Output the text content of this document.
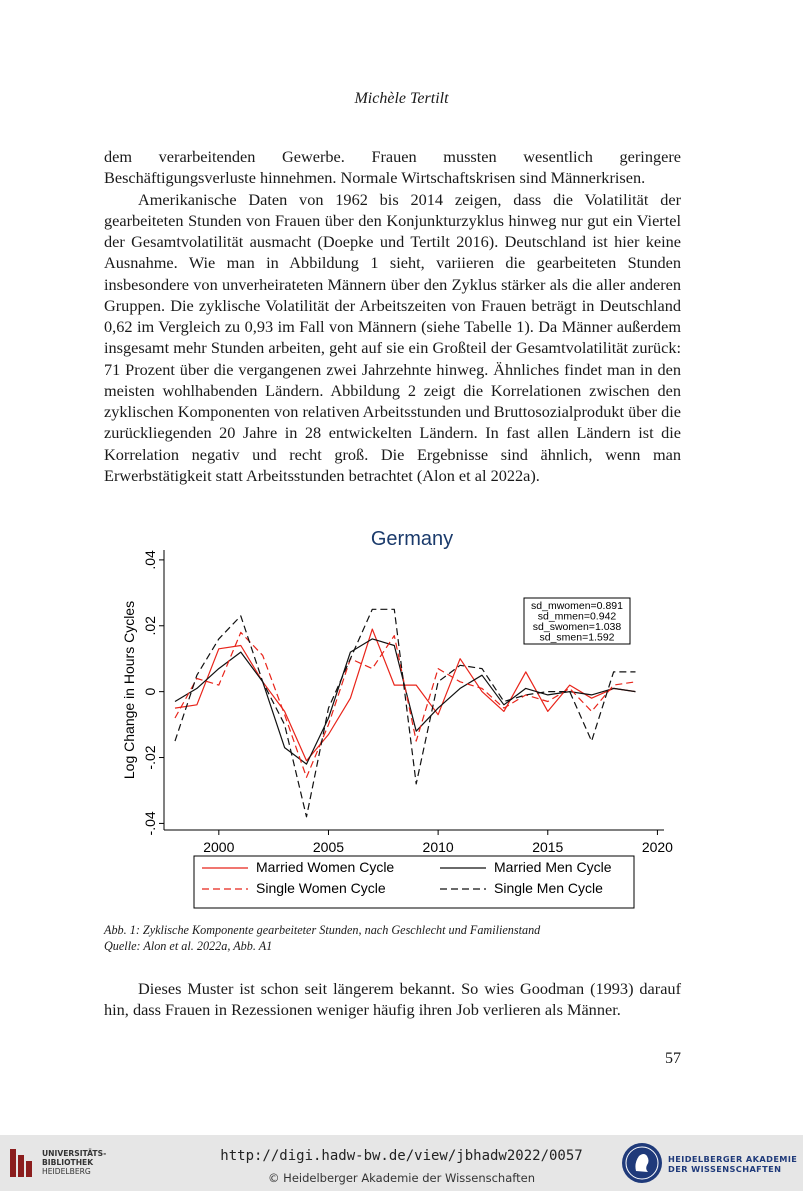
Michèle Tertilt

dem verarbeitenden Gewerbe. Frauen mussten wesentlich geringere Beschäftigungsverluste hinnehmen. Normale Wirtschaftskrisen sind Männerkrisen.

Amerikanische Daten von 1962 bis 2014 zeigen, dass die Volatilität der gearbeiteten Stunden von Frauen über den Konjunkturzyklus hinweg nur gut ein Viertel der Gesamtvolatilität ausmacht (Doepke und Tertilt 2016). Deutschland ist hier keine Ausnahme. Wie man in Abbildung 1 sieht, variieren die gearbeiteten Stunden insbesondere von unverheirateten Männern über den Zyklus stärker als die aller anderen Gruppen. Die zyklische Volatilität der Arbeitszeiten von Frauen beträgt in Deutschland 0,62 im Vergleich zu 0,93 im Fall von Männern (siehe Tabelle 1). Da Männer außerdem insgesamt mehr Stunden arbeiten, geht auf sie ein Großteil der Gesamtvolatilität zurück: 71 Prozent über die vergangenen zwei Jahrzehnte hinweg. Ähnliches findet man in den meisten wohlhabenden Ländern. Abbildung 2 zeigt die Korrelationen zwischen den zyklischen Komponenten von relativen Arbeitsstunden und Bruttosozialprodukt über die zurückliegenden 20 Jahre in 28 entwickelten Ländern. In fast allen Ländern ist die Korrelation negativ und recht groß. Die Ergebnisse sind ähnlich, wenn man Erwerbstätigkeit statt Arbeitsstunden betrachtet (Alon et al 2022a).

Germany
-.04
-.02
0
.02
.04
Log Change in Hours Cycles
2000	2005	2010	2015	2020
sd_mwomen=0.891
sd_mmen=0.942
sd_swomen=1.038
sd_smen=1.592
Married Women Cycle	Married Men Cycle
Single Women Cycle	Single Men Cycle
Abb. 1: Zyklische Komponente gearbeiteter Stunden, nach Geschlecht und Familienstand
Quelle: Alon et al. 2022a, Abb. A1

Dieses Muster ist schon seit längerem bekannt. So wies Goodman (1993) darauf hin, dass Frauen in Rezessionen weniger häufig ihren Job verlieren als Männer.

57
UNIVERSITÄTS-
BIBLIOTHEK
HEIDELBERG
http://digi.hadw-bw.de/view/jbhadw2022/0057
© Heidelberger Akademie der Wissenschaften
HEIDELBERGER AKADEMIE
DER WISSENSCHAFTEN
